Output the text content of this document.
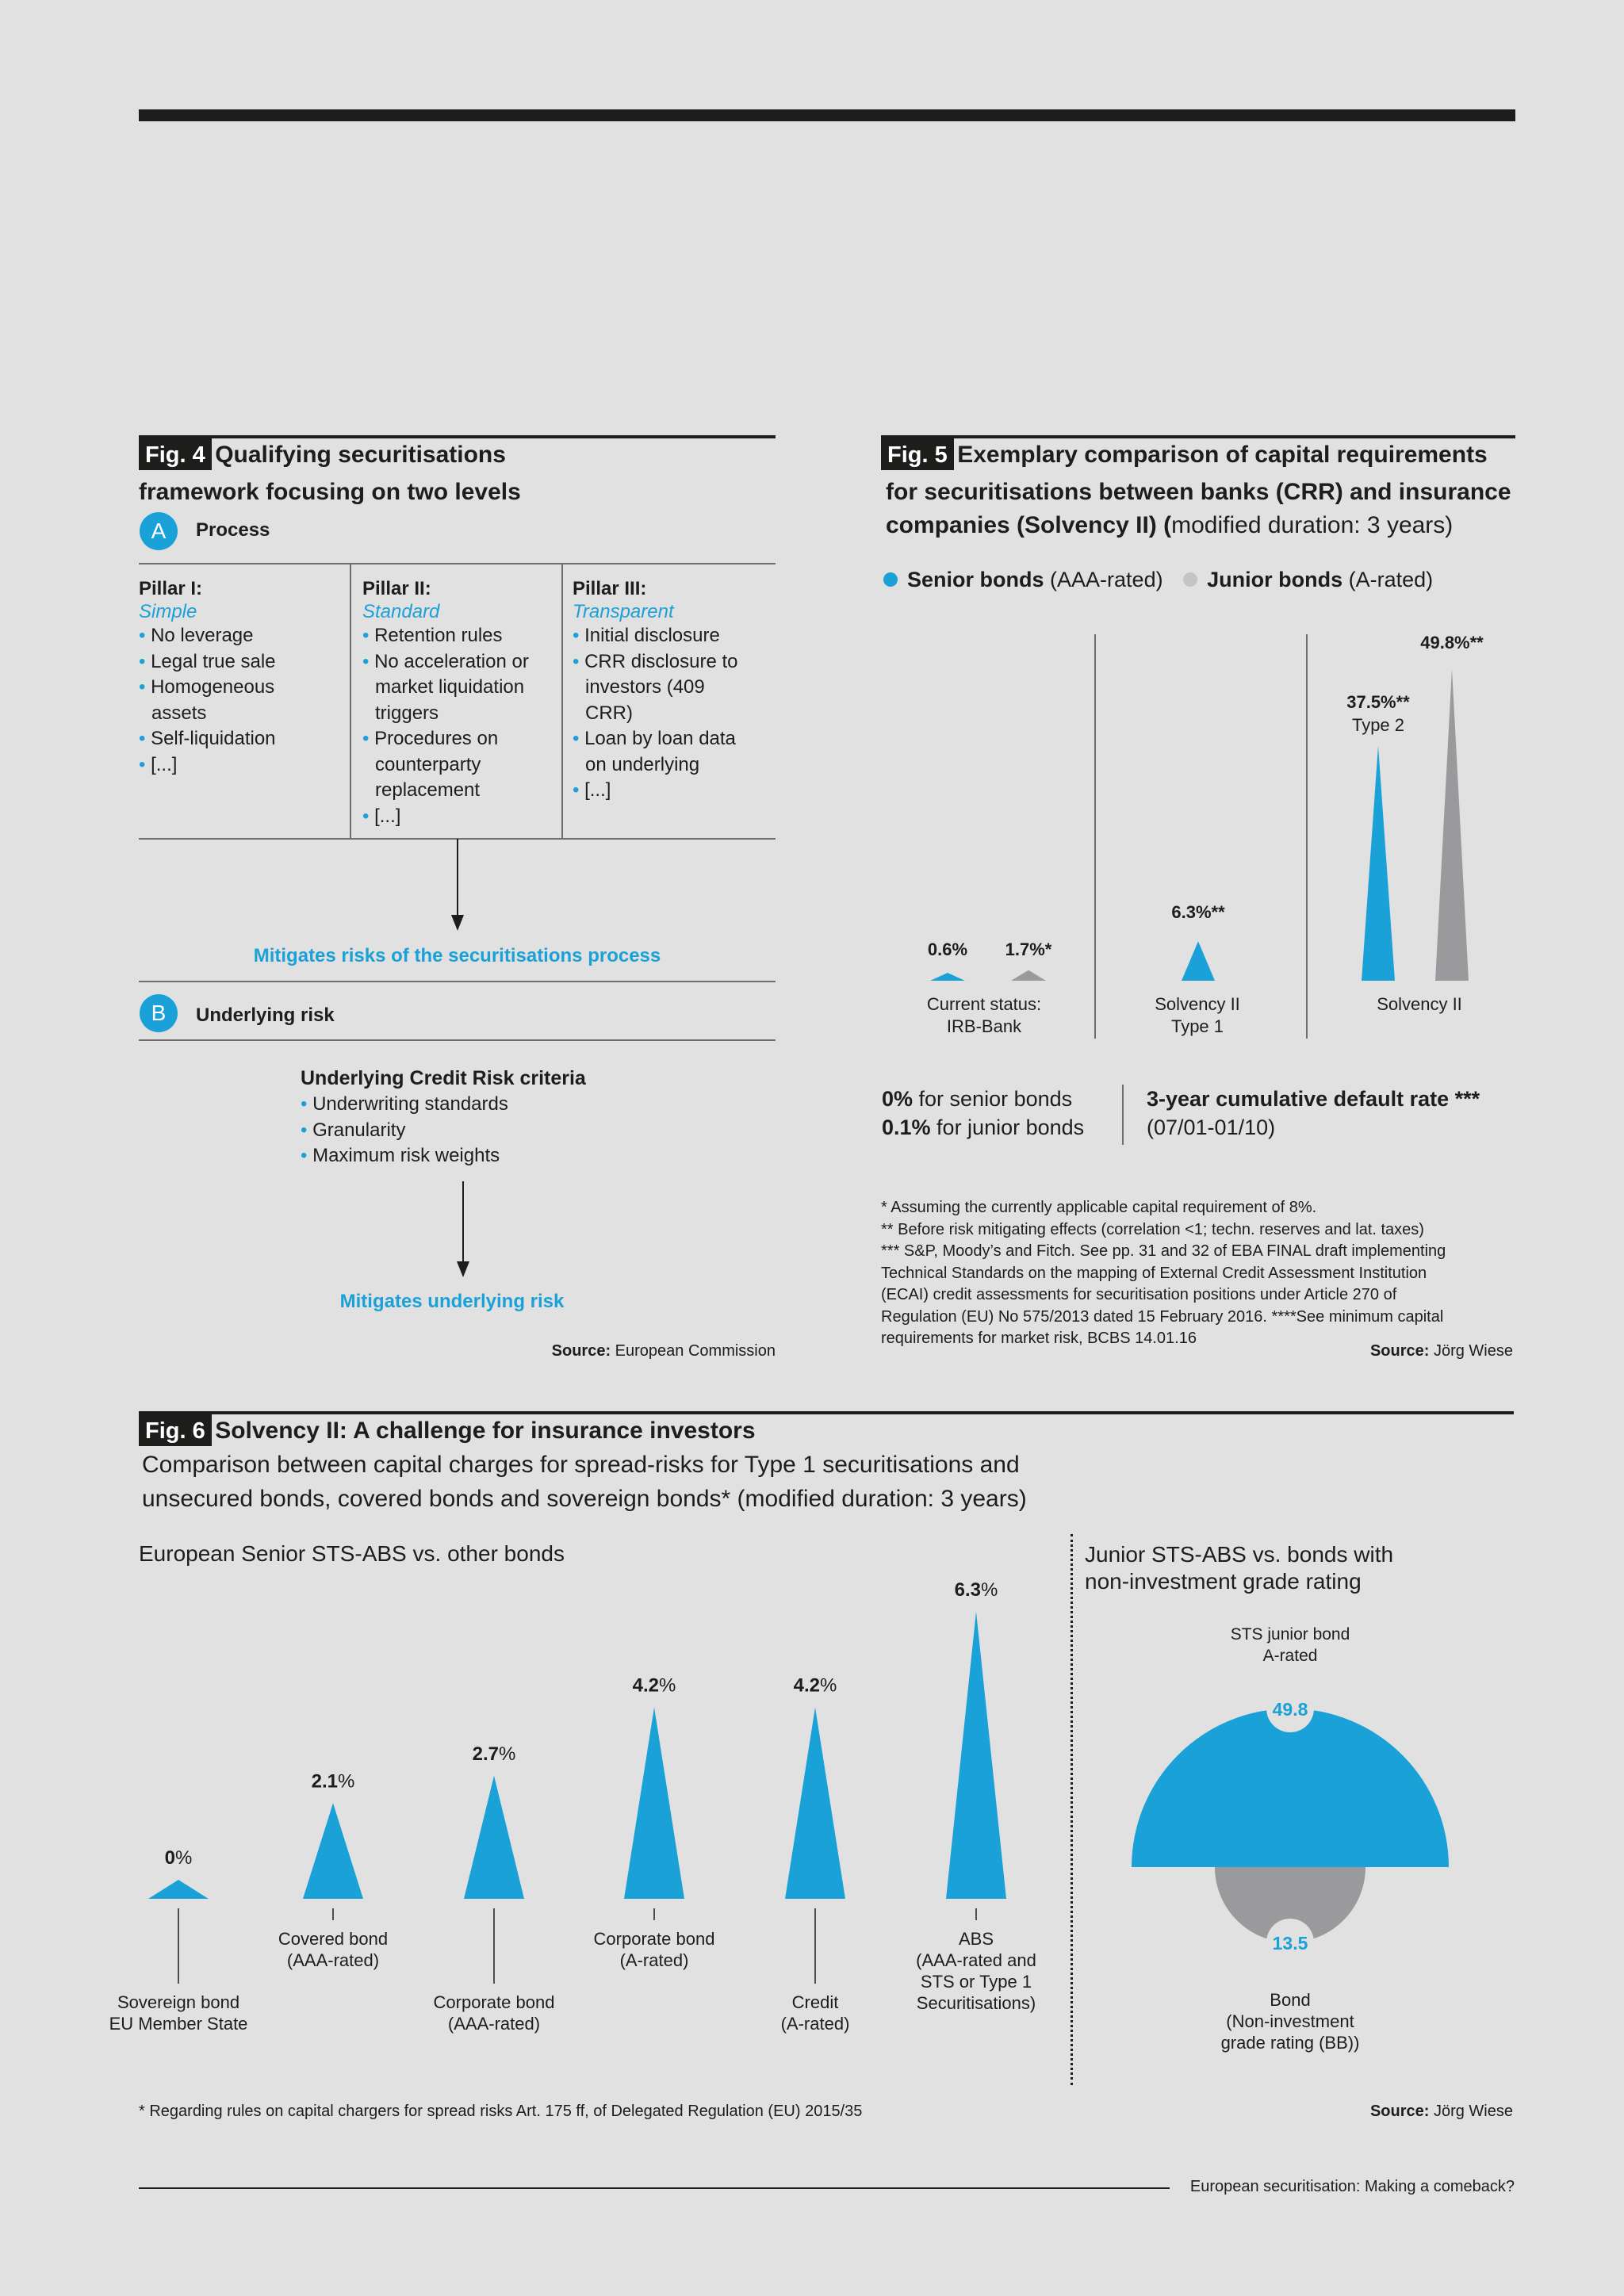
Fig. 4 Qualifying securitisations framework focusing on two levels
A	Process
Pillar I:
Simple
• No leverage
• Legal true sale
• Homogeneous assets
• Self-liquidation
• [...]
Pillar II:
Standard
• Retention rules
• No acceleration or market liquidation triggers
• Procedures on counterparty replacement
• [...]
Pillar III:
Transparent
• Initial disclosure
• CRR disclosure to investors (409 CRR)
• Loan by loan data on underlying
• [...]
Mitigates risks of the securitisations process
B	Underlying risk
Underlying Credit Risk criteria
• Underwriting standards
• Granularity
• Maximum risk weights
Mitigates underlying risk
Source: European Commission
Fig. 5 Exemplary comparison of capital requirements
for securitisations between banks (CRR) and insurance
companies (Solvency II) (modified duration: 3 years)
Senior bonds (AAA-rated) Junior bonds (A-rated)
0.6% 1.7%*
6.3%**
37.5%**
Type 2
49.8%**
Current status:
IRB-Bank
Solvency II
Type 1
Solvency II
0% for senior bonds
0.1% for junior bonds
3-year cumulative default rate ***
(07/01-01/10)
* Assuming the currently applicable capital requirement of 8%.
** Before risk mitigating effects (correlation <1; techn. reserves and lat. taxes)
*** S&P, Moody’s and Fitch. See pp. 31 and 32 of EBA FINAL draft implementing
Technical Standards on the mapping of External Credit Assessment Institution
(ECAI) credit assessments for securitisation positions under Article 270 of
Regulation (EU) No 575/2013 dated 15 February 2016. ****See minimum capital
requirements for market risk, BCBS 14.01.16
Source: Jörg Wiese
Fig. 6 Solvency II: A challenge for insurance investors
Comparison between capital charges for spread-risks for Type 1 securitisations and
unsecured bonds, covered bonds and sovereign bonds* (modified duration: 3 years)
European Senior STS-ABS vs. other bonds	Junior STS-ABS vs. bonds with
non-investment grade rating
0%
Sovereign bond
EU Member State
2.1%
Covered bond
(AAA-rated)
2.7%
Corporate bond
(AAA-rated)
4.2%
Corporate bond
(A-rated)
4.2%
Credit
(A-rated)
6.3%
ABS
(AAA-rated and
STS or Type 1
Securitisations)
STS junior bond
A-rated
49.8
13.5
Bond
(Non-investment
grade rating (BB))
* Regarding rules on capital chargers for spread risks Art. 175 ff, of Delegated Regulation (EU) 2015/35	Source: Jörg Wiese
European securitisation: Making a comeback?
